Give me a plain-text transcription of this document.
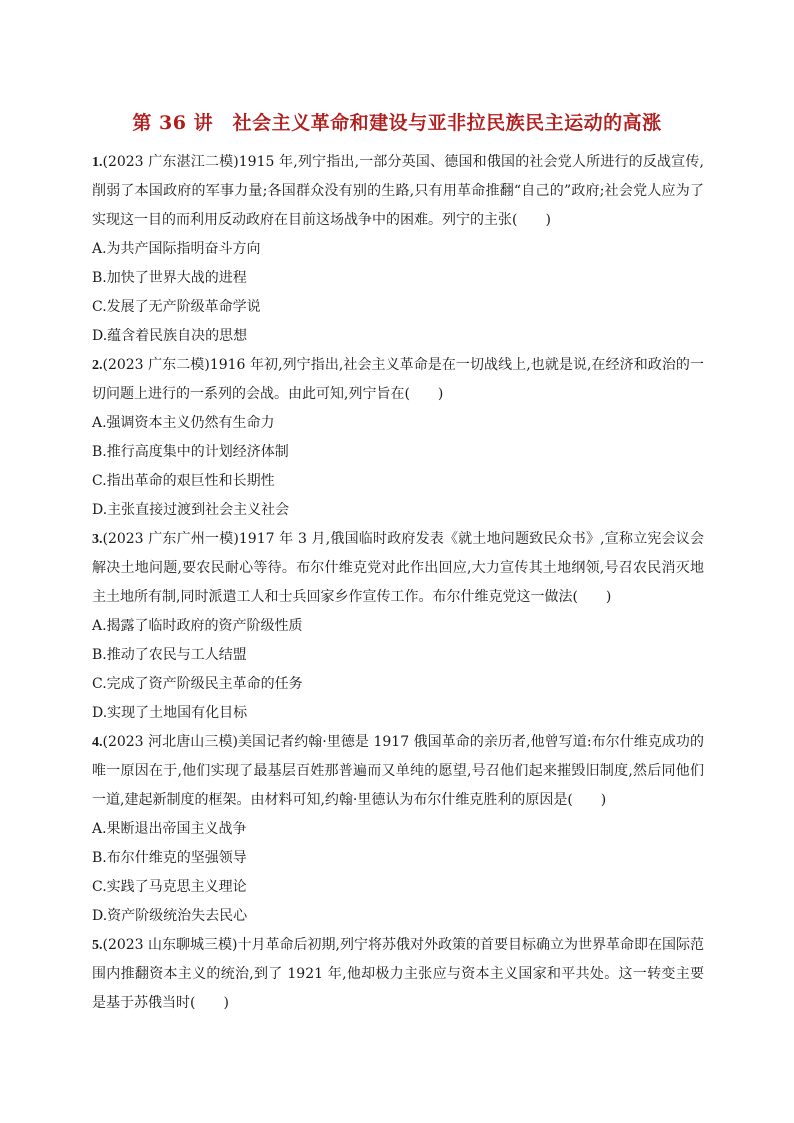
第 36 讲　社会主义革命和建设与亚非拉民族民主运动的高涨

1.(2023 广东湛江二模)1915 年,列宁指出,一部分英国、德国和俄国的社会党人所进行的反战宣传,削弱了本国政府的军事力量;各国群众没有别的生路,只有用革命推翻“自己的”政府;社会党人应为了实现这一目的而利用反动政府在目前这场战争中的困难。列宁的主张(　　)

A.为共产国际指明奋斗方向

B.加快了世界大战的进程

C.发展了无产阶级革命学说

D.蕴含着民族自决的思想

2.(2023 广东二模)1916 年初,列宁指出,社会主义革命是在一切战线上,也就是说,在经济和政治的一切问题上进行的一系列的会战。由此可知,列宁旨在(　　)

A.强调资本主义仍然有生命力

B.推行高度集中的计划经济体制

C.指出革命的艰巨性和长期性

D.主张直接过渡到社会主义社会

3.(2023 广东广州一模)1917 年 3 月,俄国临时政府发表《就土地问题致民众书》,宣称立宪会议会解决土地问题,要农民耐心等待。布尔什维克党对此作出回应,大力宣传其土地纲领,号召农民消灭地主土地所有制,同时派遣工人和士兵回家乡作宣传工作。布尔什维克党这一做法(　　)

A.揭露了临时政府的资产阶级性质

B.推动了农民与工人结盟

C.完成了资产阶级民主革命的任务

D.实现了土地国有化目标

4.(2023 河北唐山三模)美国记者约翰·里德是 1917 俄国革命的亲历者,他曾写道:布尔什维克成功的唯一原因在于,他们实现了最基层百姓那普遍而又单纯的愿望,号召他们起来摧毁旧制度,然后同他们一道,建起新制度的框架。由材料可知,约翰·里德认为布尔什维克胜利的原因是(　　)

A.果断退出帝国主义战争

B.布尔什维克的坚强领导

C.实践了马克思主义理论

D.资产阶级统治失去民心

5.(2023 山东聊城三模)十月革命后初期,列宁将苏俄对外政策的首要目标确立为世界革命即在国际范围内推翻资本主义的统治,到了 1921 年,他却极力主张应与资本主义国家和平共处。这一转变主要是基于苏俄当时(　　)
